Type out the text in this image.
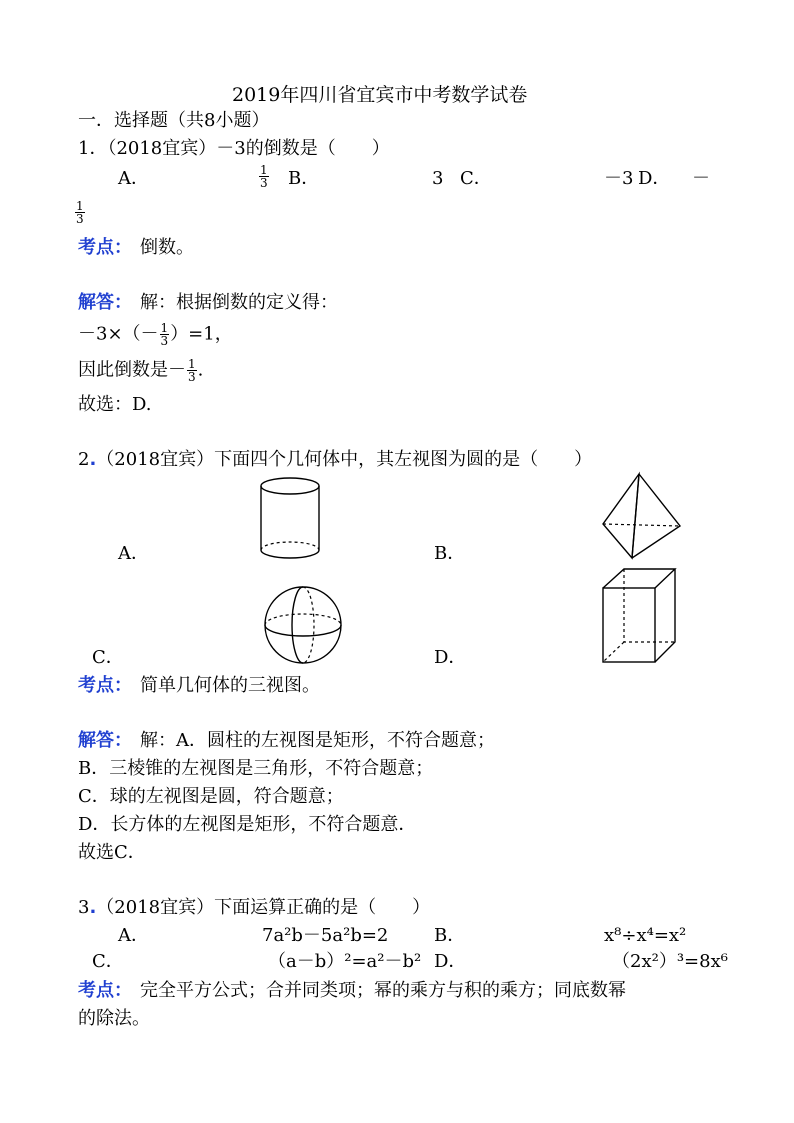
2019年四川省宜宾市中考数学试卷
一．选择题（共8小题）
1．（2018宜宾）－3的倒数是（　　）
A．	$\frac{1}{3}$ B．	3 C．	－3 D． －
$\frac{1}{3}$
考点： 倒数。
解答： 解：根据倒数的定义得：
$-3\times(- \frac{1}{3} )=1$，
因此倒数是－ $\frac{1}{3}$ .
故选：D.
2.（2018宜宾）下面四个几何体中，其左视图为圆的是（　　）
A．	B．
C．	D．
考点： 简单几何体的三视图。
解答： 解：A．圆柱的左视图是矩形，不符合题意；
B．三棱锥的左视图是三角形，不符合题意；
C．球的左视图是圆，符合题意；
D．长方体的左视图是矩形，不符合题意．
故选C．
3.（2018宜宾）下面运算正确的是（　　）
A．	7a²b－5a²b=2	B．	x⁸÷x⁴=x²
C．	（a－b）²=a²－b² D．	（2x²）³=8x⁶
考点： 完全平方公式；合并同类项；幂的乘方与积的乘方；同底数幂
的除法。
